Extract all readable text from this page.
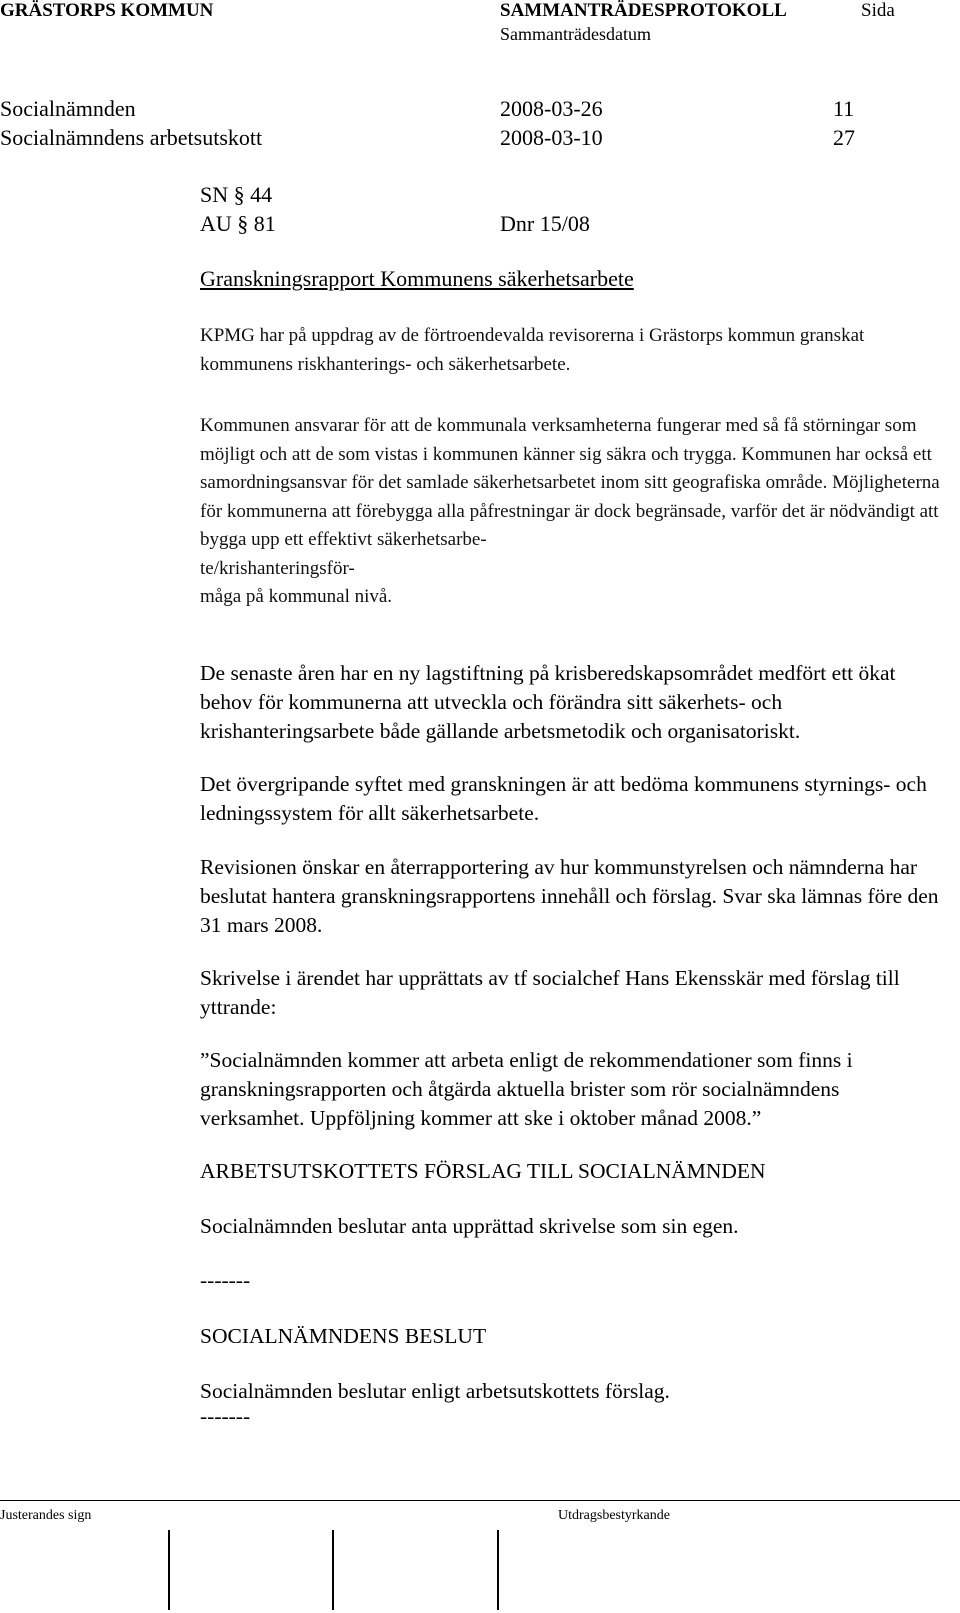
GRÄSTORPS KOMMUN	SAMMANTRÄDESPROTOKOLL	Sida
Sammanträdesdatum
Socialnämnden	2008-03-26	11
Socialnämndens arbetsutskott	2008-03-10	27
SN § 44
AU § 81	Dnr 15/08
Granskningsrapport Kommunens säkerhetsarbete
KPMG har på uppdrag av de förtroendevalda revisorerna i Grästorps kommun granskat kommunens riskhanterings- och säkerhetsarbete.
Kommunen ansvarar för att de kommunala verksamheterna fungerar med så få störningar som möjligt och att de som vistas i kommunen känner sig säkra och trygga. Kommunen har också ett samordningsansvar för det samlade säkerhetsarbetet inom sitt geografiska område. Möjligheterna för kommunerna att förebygga alla påfrestningar är dock begränsade, varför det är nödvändigt att bygga upp ett effektivt säkerhetsarbe-
te/krishanteringsför-
måga på kommunal nivå.
De senaste åren har en ny lagstiftning på krisberedskapsområdet medfört ett ökat behov för kommunerna att utveckla och förändra sitt säkerhets- och krishanteringsarbete både gällande arbetsmetodik och organisatoriskt.
Det övergripande syftet med granskningen är att bedöma kommunens styrnings- och ledningssystem för allt säkerhetsarbete.
Revisionen önskar en återrapportering av hur kommunstyrelsen och nämnderna har beslutat hantera granskningsrapportens innehåll och förslag. Svar ska lämnas före den 31 mars 2008.
Skrivelse i ärendet har upprättats av tf socialchef Hans Ekensskär med förslag till yttrande:
”Socialnämnden kommer att arbeta enligt de rekommendationer som finns i granskningsrapporten och åtgärda aktuella brister som rör socialnämndens verksamhet. Uppföljning kommer att ske i oktober månad 2008.”
ARBETSUTSKOTTETS FÖRSLAG TILL SOCIALNÄMNDEN
Socialnämnden beslutar anta upprättad skrivelse som sin egen.
-------
SOCIALNÄMNDENS BESLUT
Socialnämnden beslutar enligt arbetsutskottets förslag.
-------
Justerandes sign	Utdragsbestyrkande
